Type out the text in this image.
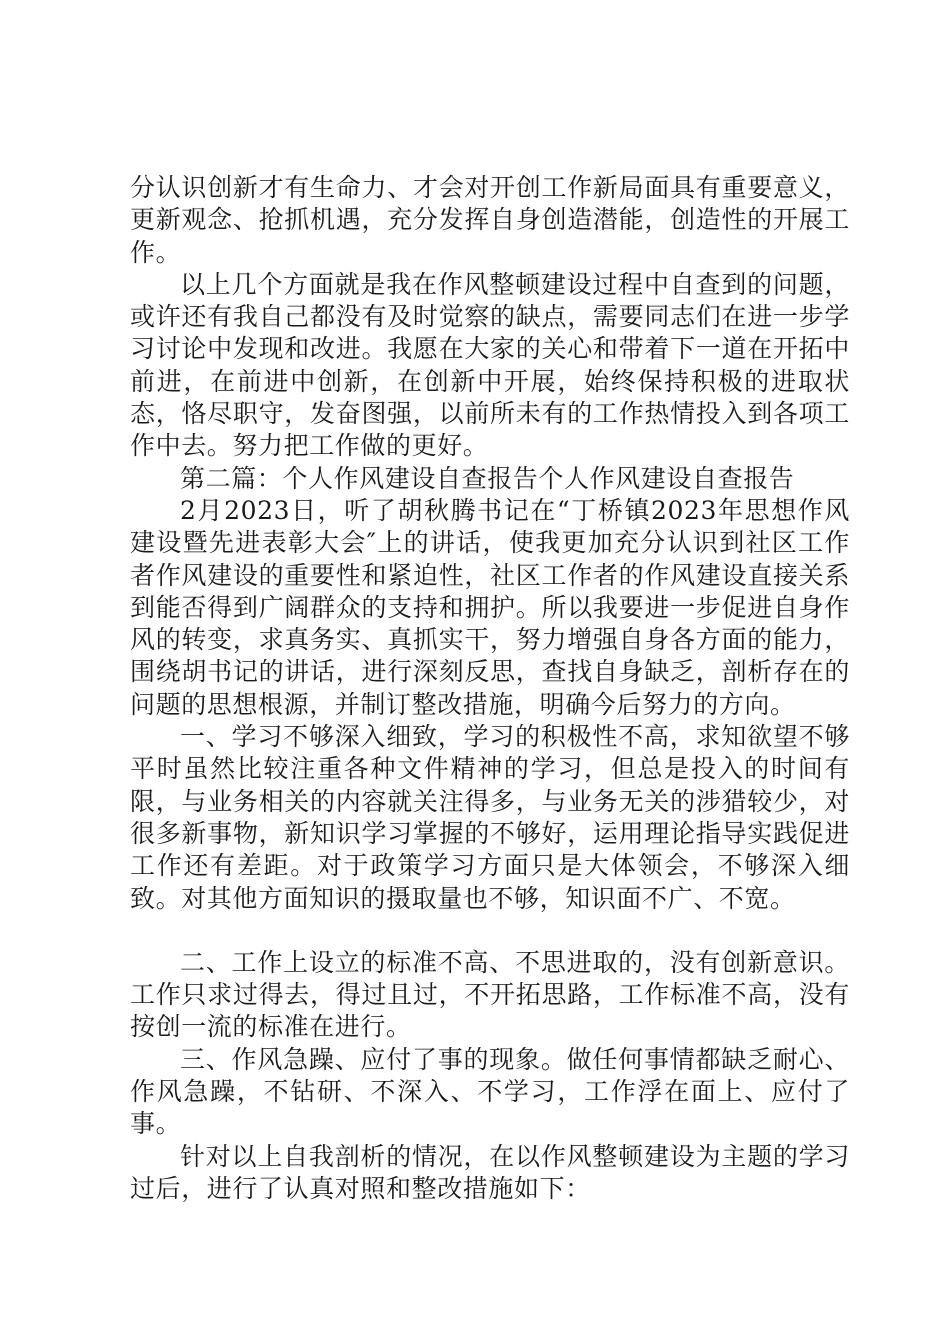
分认识创新才有生命力、才会对开创工作新局面具有重要意义，更新观念、抢抓机遇，充分发挥自身创造潜能，创造性的开展工作。

以上几个方面就是我在作风整顿建设过程中自查到的问题，或许还有我自己都没有及时觉察的缺点，需要同志们在进一步学习讨论中发现和改进。我愿在大家的关心和带着下一道在开拓中前进，在前进中创新，在创新中开展，始终保持积极的进取状态，恪尽职守，发奋图强，以前所未有的工作热情投入到各项工作中去。努力把工作做的更好。

第二篇：个人作风建设自查报告个人作风建设自查报告

2月2023日，听了胡秋腾书记在“丁桥镇2023年思想作风建设暨先进表彰大会″上的讲话，使我更加充分认识到社区工作者作风建设的重要性和紧迫性，社区工作者的作风建设直接关系到能否得到广阔群众的支持和拥护。所以我要进一步促进自身作风的转变，求真务实、真抓实干，努力增强自身各方面的能力，围绕胡书记的讲话，进行深刻反思，查找自身缺乏，剖析存在的问题的思想根源，并制订整改措施，明确今后努力的方向。

一、学习不够深入细致，学习的积极性不高，求知欲望不够平时虽然比较注重各种文件精神的学习，但总是投入的时间有限，与业务相关的内容就关注得多，与业务无关的涉猎较少，对很多新事物，新知识学习掌握的不够好，运用理论指导实践促进工作还有差距。对于政策学习方面只是大体领会，不够深入细致。对其他方面知识的摄取量也不够，知识面不广、不宽。

二、工作上设立的标准不高、不思进取的，没有创新意识。工作只求过得去，得过且过，不开拓思路，工作标准不高，没有按创一流的标准在进行。

三、作风急躁、应付了事的现象。做任何事情都缺乏耐心、作风急躁，不钻研、不深入、不学习，工作浮在面上、应付了事。

针对以上自我剖析的情况，在以作风整顿建设为主题的学习过后，进行了认真对照和整改措施如下：
